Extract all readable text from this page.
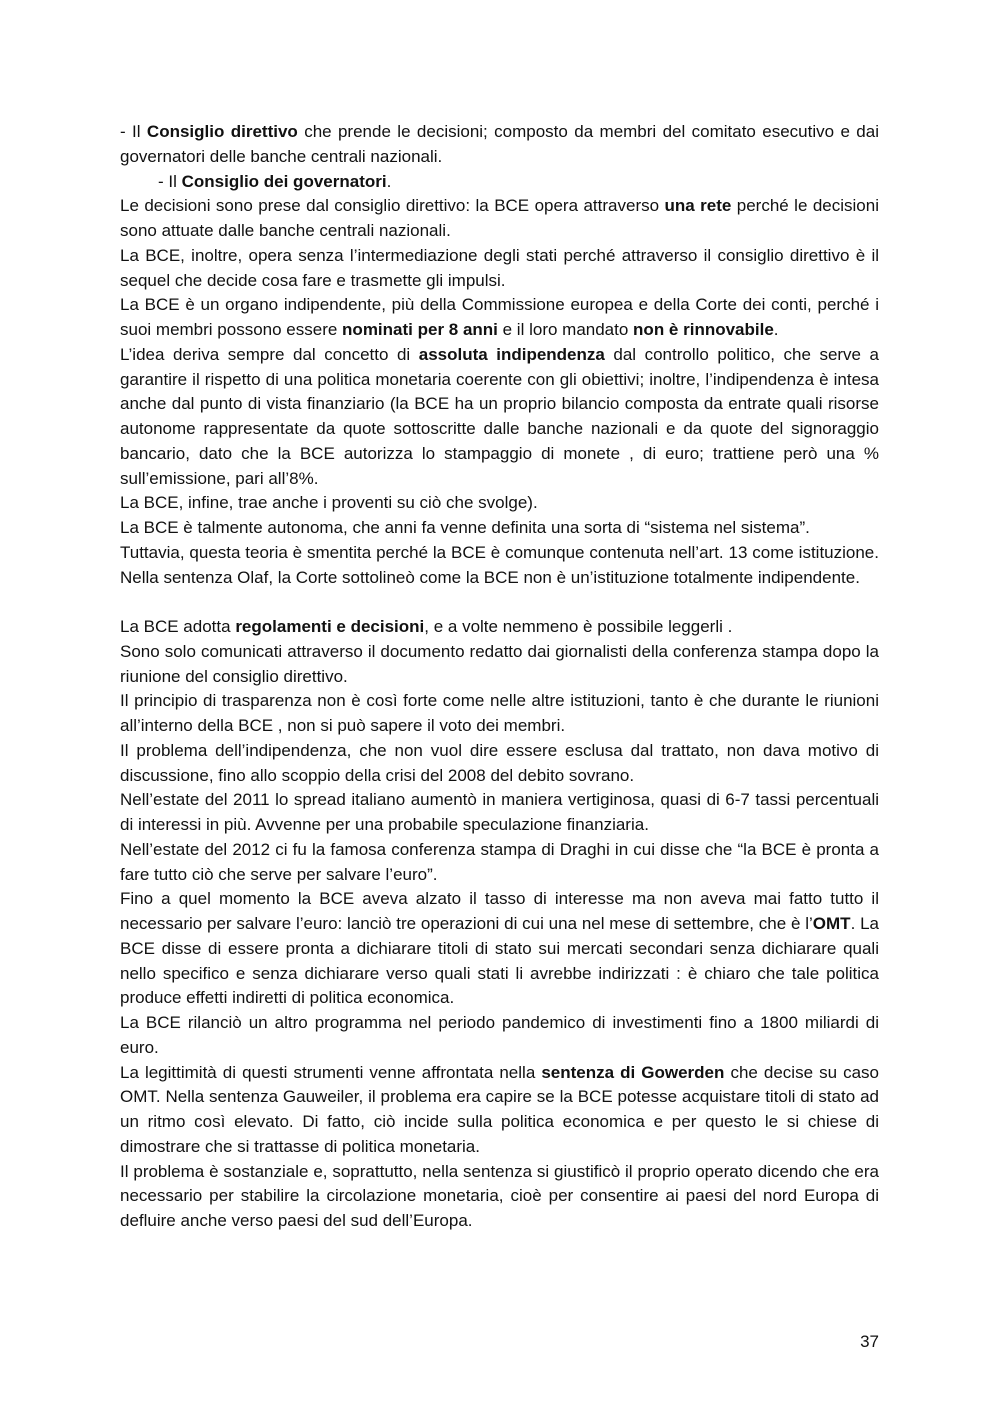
- Il Consiglio direttivo che prende le decisioni; composto da membri del comitato esecutivo e dai governatori delle banche centrali nazionali.

- Il Consiglio dei governatori.

Le decisioni sono prese dal consiglio direttivo: la BCE opera attraverso una rete perché le decisioni sono attuate dalle banche centrali nazionali.

La BCE, inoltre, opera senza l’intermediazione degli stati perché attraverso il consiglio direttivo è il sequel che decide cosa fare e trasmette gli impulsi.

La BCE è un organo indipendente, più della Commissione europea e della Corte dei conti, perché i suoi membri possono essere nominati per 8 anni e il loro mandato non è rinnovabile.

L’idea deriva sempre dal concetto di assoluta indipendenza dal controllo politico, che serve a garantire il rispetto di una politica monetaria coerente con gli obiettivi; inoltre, l’indipendenza è intesa anche dal punto di vista finanziario (la BCE ha un proprio bilancio composta da entrate quali risorse autonome rappresentate da quote sottoscritte dalle banche nazionali e da quote del signoraggio bancario, dato che la BCE autorizza lo stampaggio di monete , di euro; trattiene però una % sull’emissione, pari all’8%.

La BCE, infine, trae anche i proventi su ciò che svolge).

La BCE è talmente autonoma, che anni fa venne definita una sorta di “sistema nel sistema”.

Tuttavia, questa teoria è smentita perché la BCE è comunque contenuta nell’art. 13 come istituzione. Nella sentenza Olaf, la Corte sottolineò come la BCE non è un’istituzione totalmente indipendente.

La BCE adotta regolamenti e decisioni, e a volte nemmeno è possibile leggerli .

Sono solo comunicati attraverso il documento redatto dai giornalisti della conferenza stampa dopo la riunione del consiglio direttivo.

Il principio di trasparenza non è così forte come nelle altre istituzioni, tanto è che durante le riunioni all’interno della BCE , non si può sapere il voto dei membri.

Il problema dell’indipendenza, che non vuol dire essere esclusa dal trattato, non dava motivo di discussione, fino allo scoppio della crisi del 2008 del debito sovrano.

Nell’estate del 2011 lo spread italiano aumentò in maniera vertiginosa, quasi di 6-7 tassi percentuali di interessi in più. Avvenne per una probabile speculazione finanziaria.

Nell’estate del 2012 ci fu la famosa conferenza stampa di Draghi in cui disse che “la BCE è pronta a fare tutto ciò che serve per salvare l’euro”.

Fino a quel momento la BCE aveva alzato il tasso di interesse ma non aveva mai fatto tutto il necessario per salvare l’euro: lanciò tre operazioni di cui una nel mese di settembre, che è l’OMT. La BCE disse di essere pronta a dichiarare titoli di stato sui mercati secondari senza dichiarare quali nello specifico e senza dichiarare verso quali stati li avrebbe indirizzati : è chiaro che tale politica produce effetti indiretti di politica economica.

La BCE rilanciò un altro programma nel periodo pandemico di investimenti fino a 1800 miliardi di euro.

La legittimità di questi strumenti venne affrontata nella sentenza di Gowerden che decise su caso OMT. Nella sentenza Gauweiler, il problema era capire se la BCE potesse acquistare titoli di stato ad un ritmo così elevato. Di fatto, ciò incide sulla politica economica e per questo le si chiese di dimostrare che si trattasse di politica monetaria.

Il problema è sostanziale e, soprattutto, nella sentenza si giustificò il proprio operato dicendo che era necessario per stabilire la circolazione monetaria, cioè per consentire ai paesi del nord Europa di defluire anche verso paesi del sud dell’Europa.

37
